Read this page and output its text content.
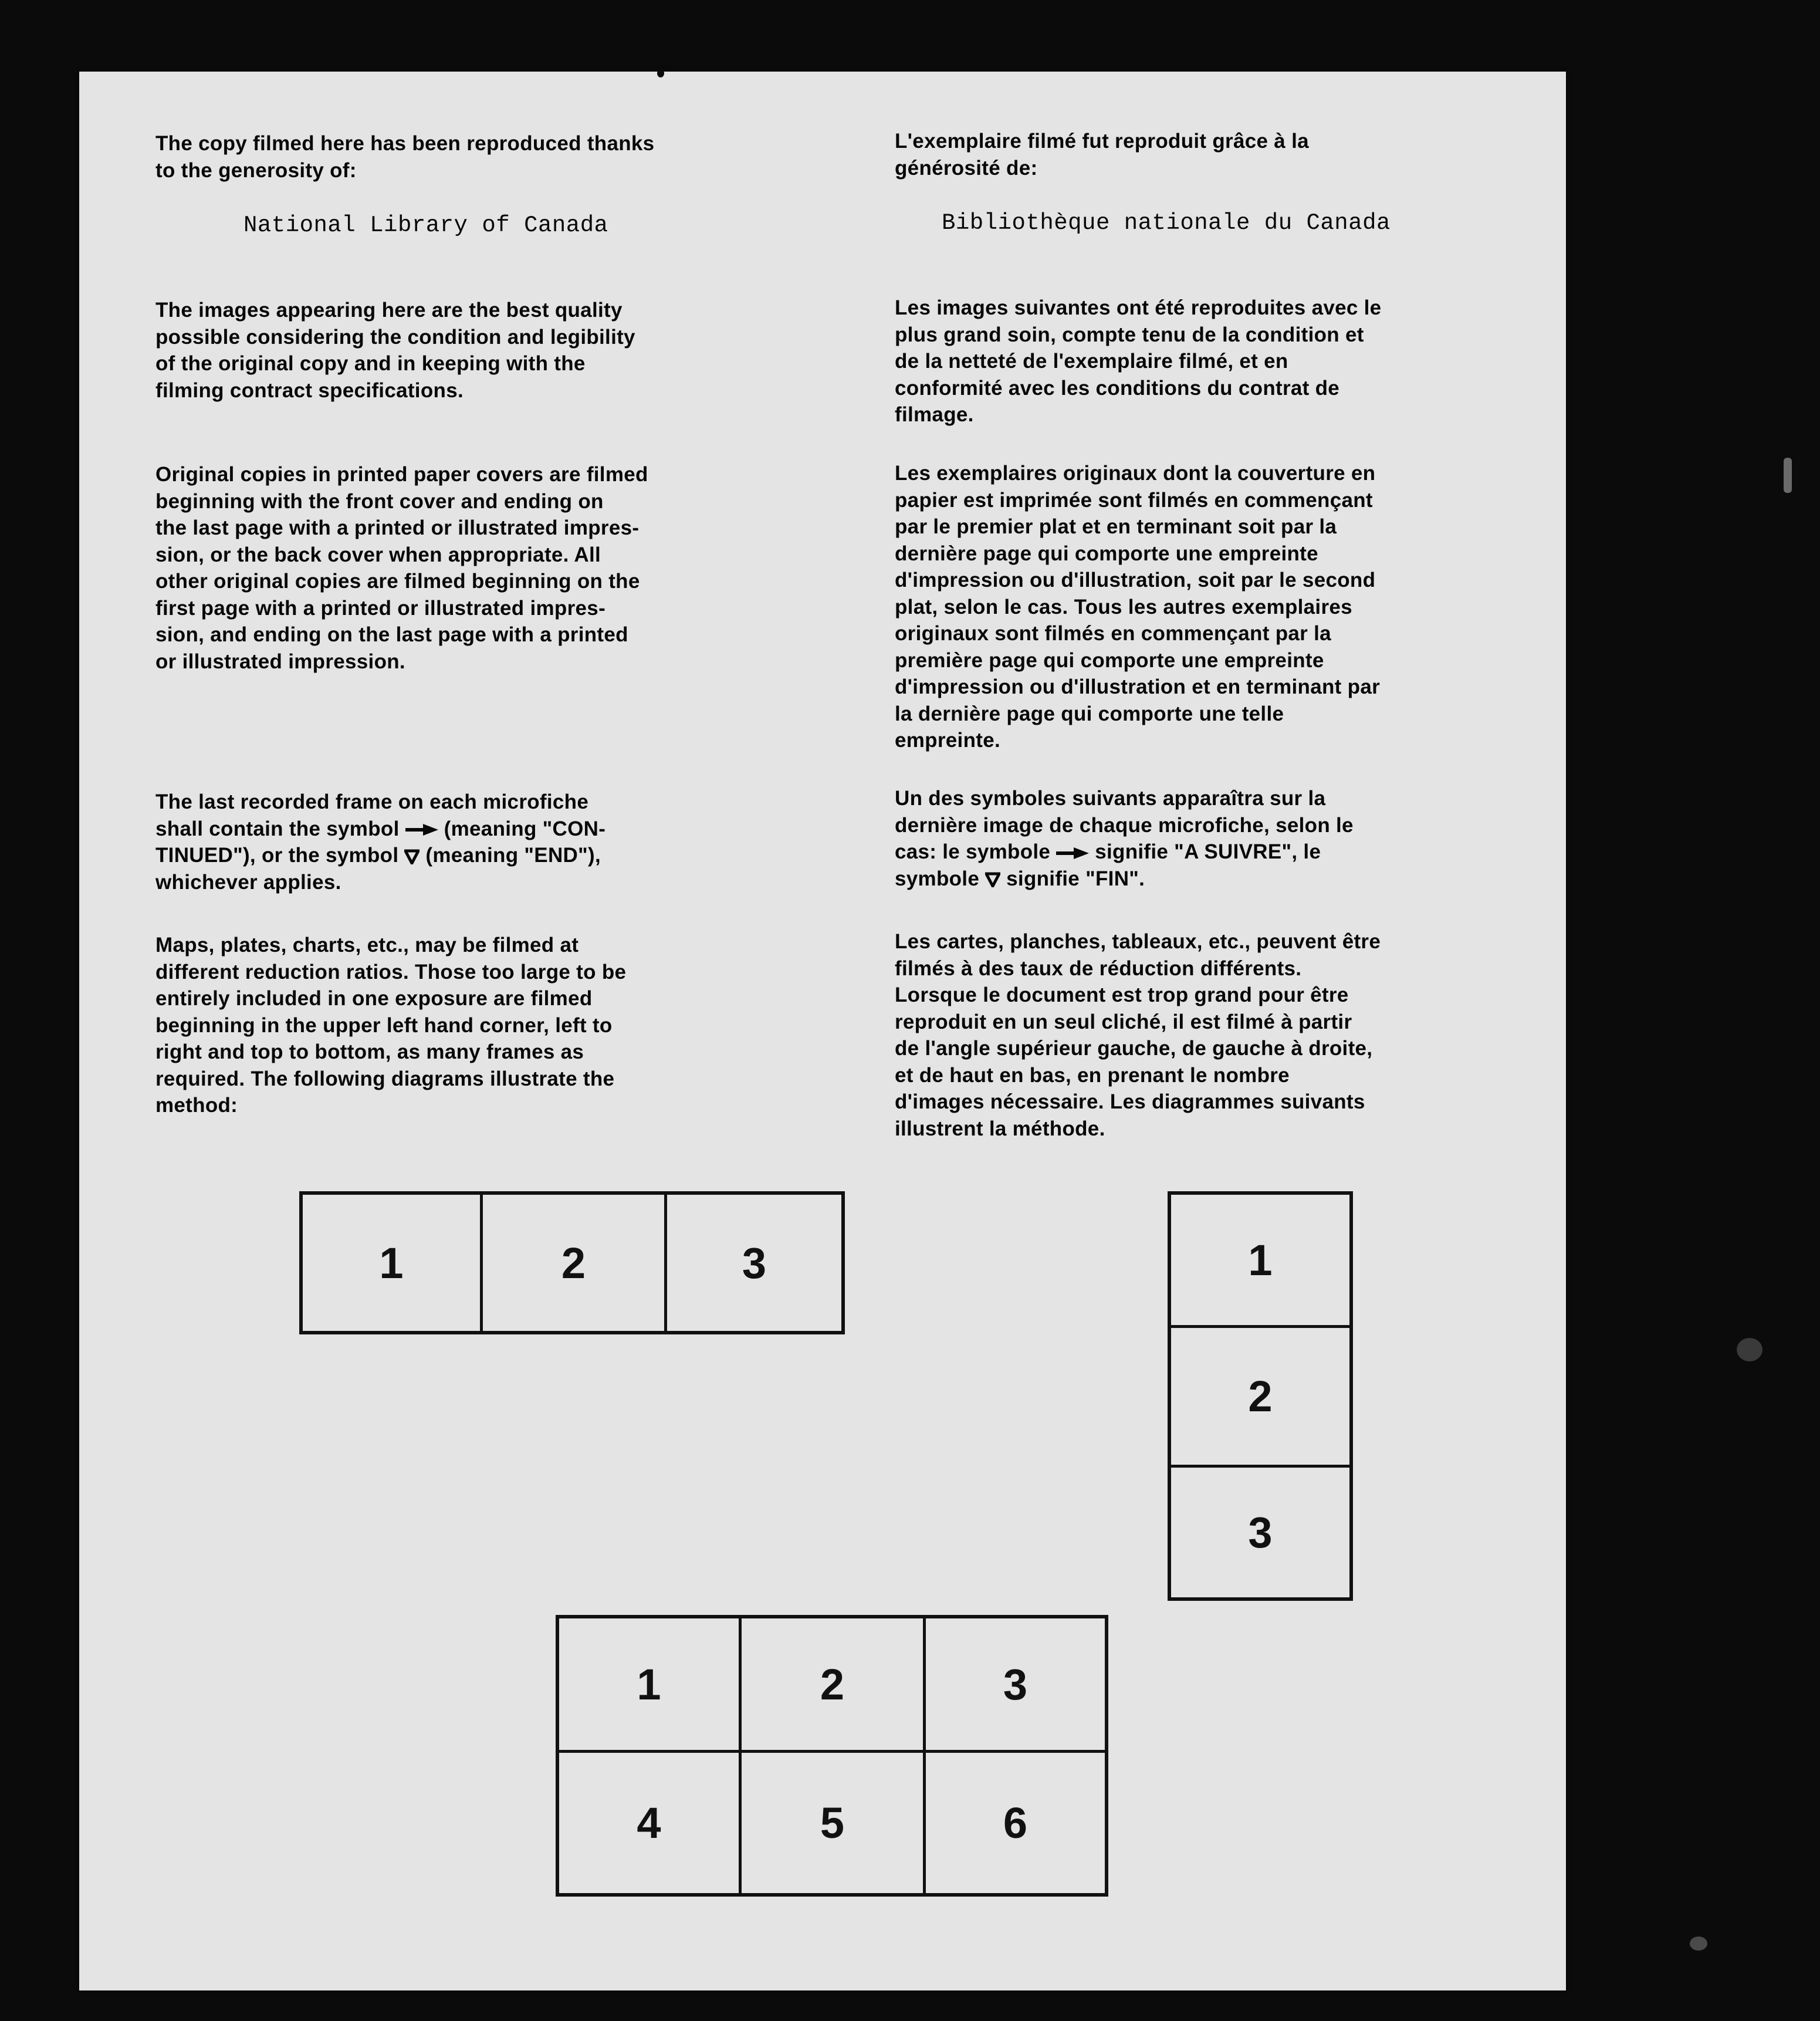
The copy filmed here has been reproduced thanks
to the generosity of:

National Library of Canada

The images appearing here are the best quality
possible considering the condition and legibility
of the original copy and in keeping with the
filming contract specifications.

Original copies in printed paper covers are filmed
beginning with the front cover and ending on
the last page with a printed or illustrated impres-
sion, or the back cover when appropriate. All
other original copies are filmed beginning on the
first page with a printed or illustrated impres-
sion, and ending on the last page with a printed
or illustrated impression.

The last recorded frame on each microfiche
shall contain the symbol  (meaning "CON-
TINUED"), or the symbol  (meaning "END"),
whichever applies.

Maps, plates, charts, etc., may be filmed at
different reduction ratios. Those too large to be
entirely included in one exposure are filmed
beginning in the upper left hand corner, left to
right and top to bottom, as many frames as
required. The following diagrams illustrate the
method:

L'exemplaire filmé fut reproduit grâce à la
générosité de:

Bibliothèque nationale du Canada

Les images suivantes ont été reproduites avec le
plus grand soin, compte tenu de la condition et
de la netteté de l'exemplaire filmé, et en
conformité avec les conditions du contrat de
filmage.

Les exemplaires originaux dont la couverture en
papier est imprimée sont filmés en commençant
par le premier plat et en terminant soit par la
dernière page qui comporte une empreinte
d'impression ou d'illustration, soit par le second
plat, selon le cas. Tous les autres exemplaires
originaux sont filmés en commençant par la
première page qui comporte une empreinte
d'impression ou d'illustration et en terminant par
la dernière page qui comporte une telle
empreinte.

Un des symboles suivants apparaîtra sur la
dernière image de chaque microfiche, selon le
cas: le symbole  signifie "A SUIVRE", le
symbole  signifie "FIN".

Les cartes, planches, tableaux, etc., peuvent être
filmés à des taux de réduction différents.
Lorsque le document est trop grand pour être
reproduit en un seul cliché, il est filmé à partir
de l'angle supérieur gauche, de gauche à droite,
et de haut en bas, en prenant le nombre
d'images nécessaire. Les diagrammes suivants
illustrent la méthode.

1	2	3	1
2
3
1	2	3
4	5	6
